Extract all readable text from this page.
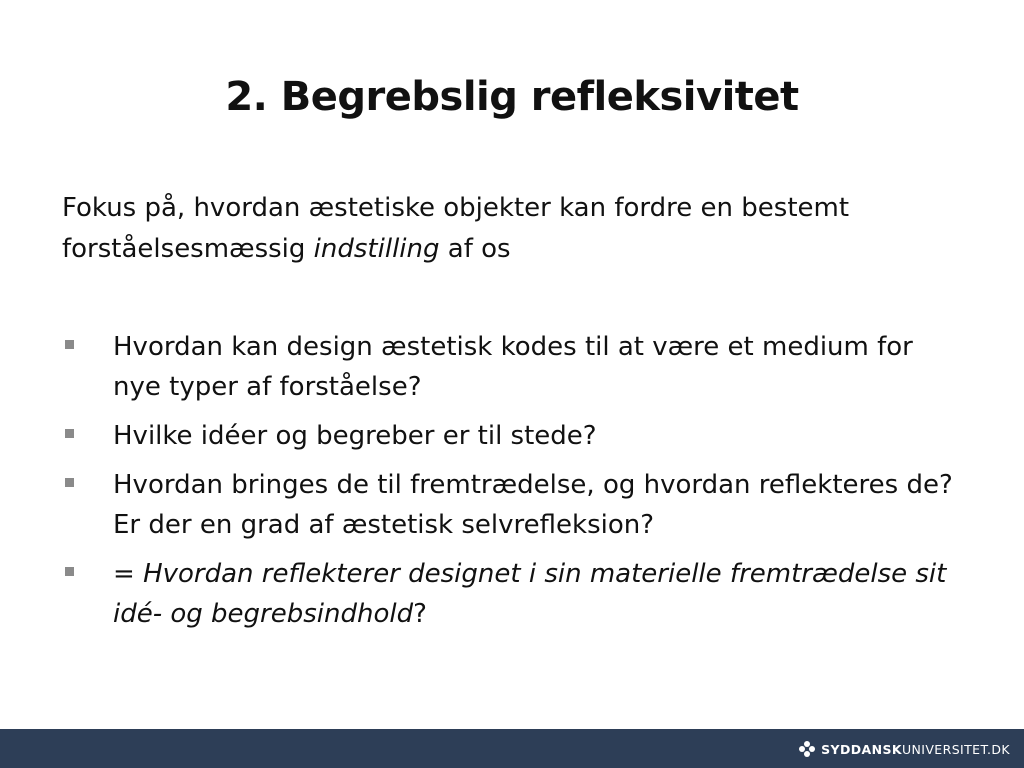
2. Begrebslig refleksivitet

Fokus på, hvordan æstetiske objekter kan fordre en bestemt forståelsesmæssig indstilling af os

Hvordan kan design æstetisk kodes til at være et medium for nye typer af forståelse?
Hvilke idéer og begreber er til stede?
Hvordan bringes de til fremtrædelse, og hvordan reflekteres de? Er der en grad af æstetisk selvrefleksion?
= Hvordan reflekterer designet i sin materielle fremtrædelse sit idé- og begrebsindhold?
SYDDANSKUNIVERSITET.DK
